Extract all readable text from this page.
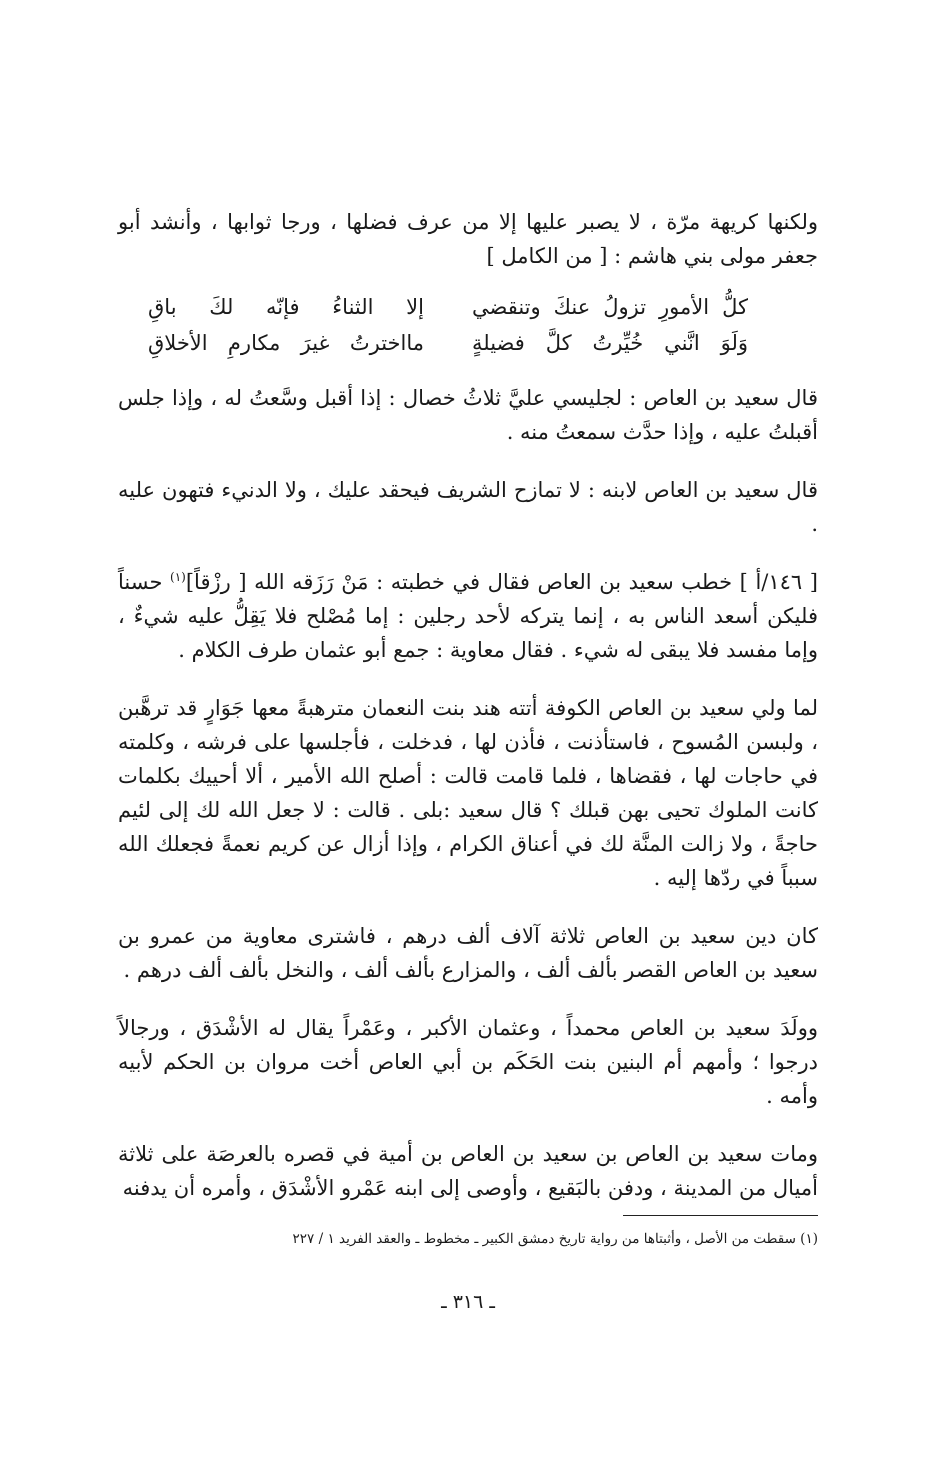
ولكنها كريهة مرّة ، لا يصبر عليها إلا من عرف فضلها ، ورجا ثوابها ، وأنشد أبو جعفر مولى بني هاشم : [ من الكامل ]

كلُّ الأمورِ تزولُ عنكَ وتنقضي
إلا الثناءُ فإنّه لكَ باقِ
وَلَوَ انَّني خُيِّرتُ كلَّ فضيلةٍ
مااخترتُ غيرَ مكارمِ الأخلاقِ

قال سعيد بن العاص : لجليسي عليَّ ثلاثُ خصال : إذا أقبل وسَّعتُ له ، وإذا جلس أقبلتُ عليه ، وإذا حدَّث سمعتُ منه .

قال سعيد بن العاص لابنه : لا تمازح الشريف فيحقد عليك ، ولا الدنيء فتهون عليه .

[ ١٤٦/أ ] خطب سعيد بن العاص فقال في خطبته : مَنْ رَزَقه الله [ رزْقاً]$^{(١)}$ حسناً فليكن أسعد الناس به ، إنما يتركه لأحد رجلين : إما مُصْلح فلا يَقِلُّ عليه شيءٌ ، وإما مفسد فلا يبقى له شيء . فقال معاوية : جمع أبو عثمان طرف الكلام .

لما ولي سعيد بن العاص الكوفة أتته هند بنت النعمان مترهبةً معها جَوَارٍ قد ترهَّبن ، ولبسن المُسوح ، فاستأذنت ، فأذن لها ، فدخلت ، فأجلسها على فرشه ، وكلمته في حاجات لها ، فقضاها ، فلما قامت قالت : أصلح الله الأمير ، ألا أحييك بكلمات كانت الملوك تحيى بهن قبلك ؟ قال سعيد :بلى . قالت : لا جعل الله لك إلى لئيم حاجةً ، ولا زالت المنَّة لك في أعناق الكرام ، وإذا أزال عن كريم نعمةً فجعلك الله سبباً في ردّها إليه .

كان دين سعيد بن العاص ثلاثة آلاف ألف درهم ، فاشترى معاوية من عمرو بن سعيد بن العاص القصر بألف ألف ، والمزارع بألف ألف ، والنخل بألف ألف درهم .

وولَدَ سعيد بن العاص محمداً ، وعثمان الأكبر ، وعَمْراً يقال له الأشْدَق ، ورجالاً درجوا ؛ وأمهم أم البنين بنت الحَكَم بن أبي العاص أخت مروان بن الحكم لأبيه وأمه .

ومات سعيد بن العاص بن سعيد بن العاص بن أمية في قصره بالعرصَة على ثلاثة أميال من المدينة ، ودفن بالبَقيع ، وأوصى إلى ابنه عَمْرو الأشْدَق ، وأمره أن يدفنه

(١) سقطت من الأصل ، وأثبتاها من رواية تاريخ دمشق الكبير ـ مخطوط ـ والعقد الفريد ١ / ٢٢٧
ـ ٣١٦ ـ
